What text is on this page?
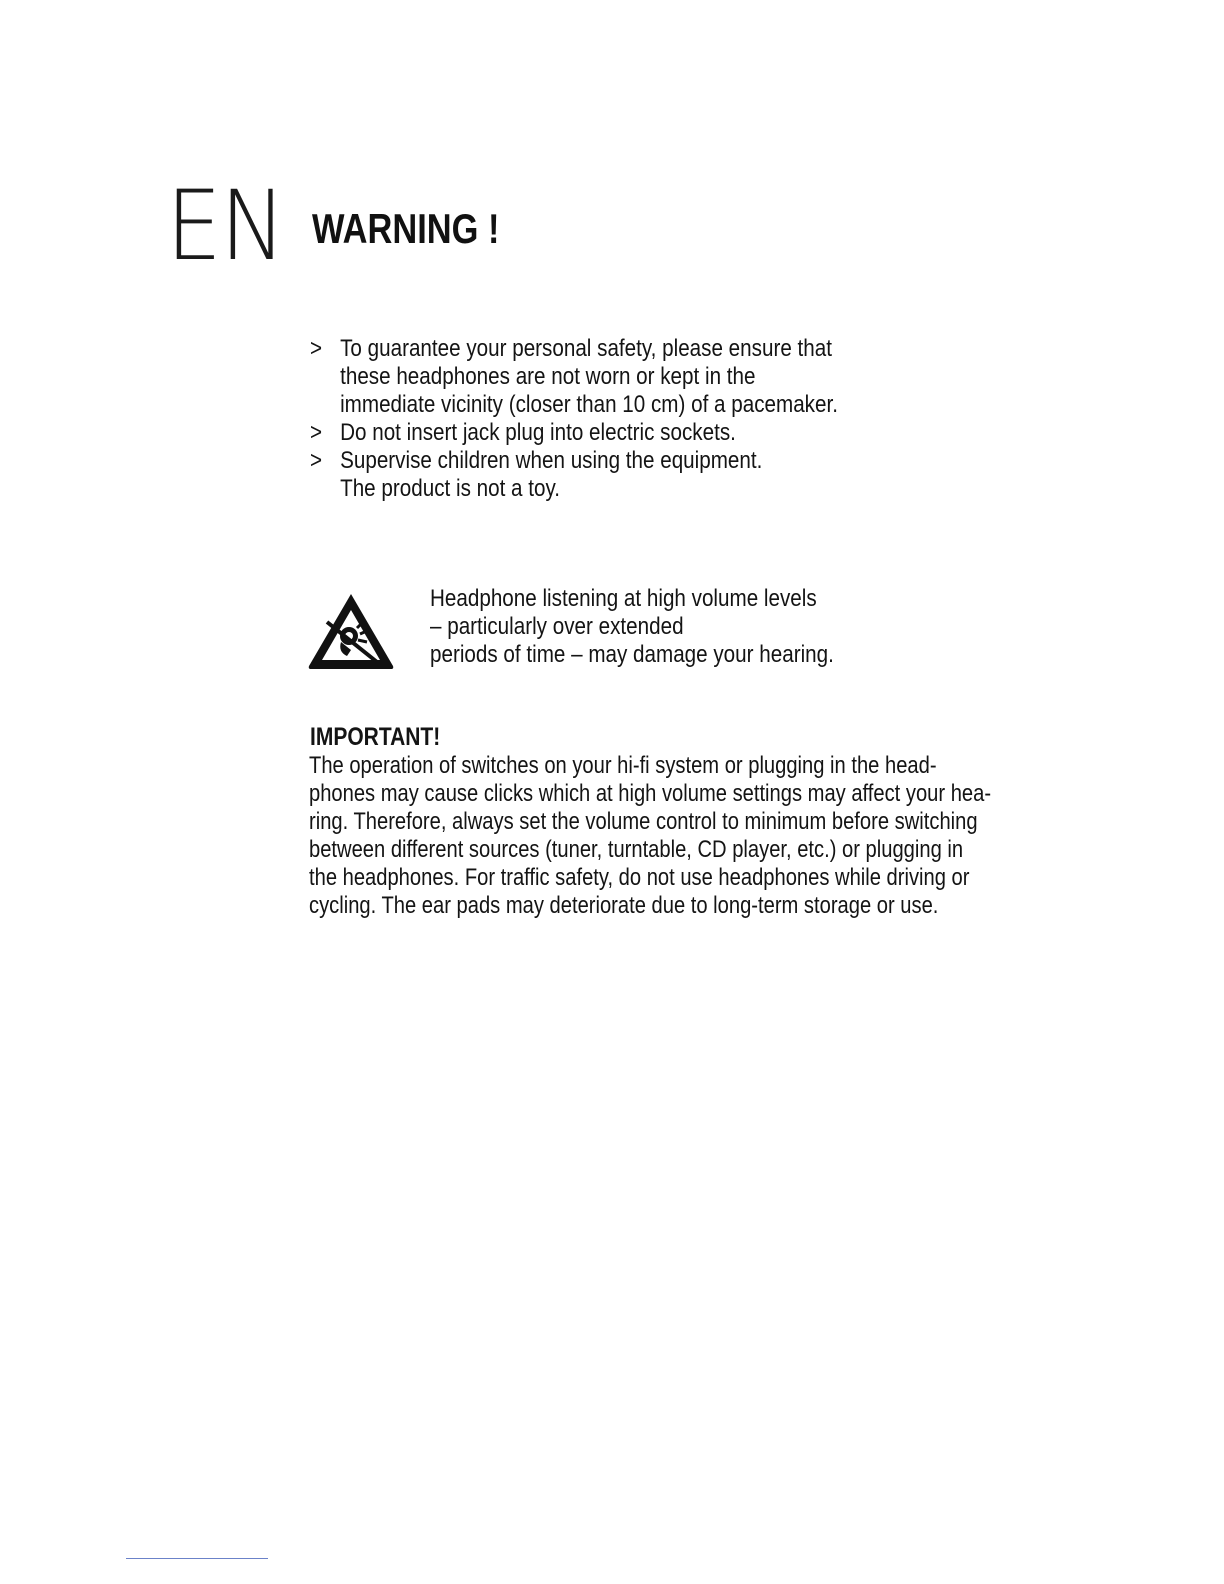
EN WARNING !
> To guarantee your personal safety, please ensure that
these headphones are not worn or kept in the
immediate vicinity (closer than 10 cm) of a pacemaker.
> Do not insert jack plug into electric sockets.
> Supervise children when using the equipment.
The product is not a toy.
Headphone listening at high volume levels
– particularly over extended
periods of time – may damage your hearing.
IMPORTANT!
The operation of switches on your hi-fi system or plugging in the head-
phones may cause clicks which at high volume settings may affect your hea-
ring. Therefore, always set the volume control to minimum before switching
between different sources (tuner, turntable, CD player, etc.) or plugging in
the headphones. For traffic safety, do not use headphones while driving or
cycling. The ear pads may deteriorate due to long-term storage or use.
